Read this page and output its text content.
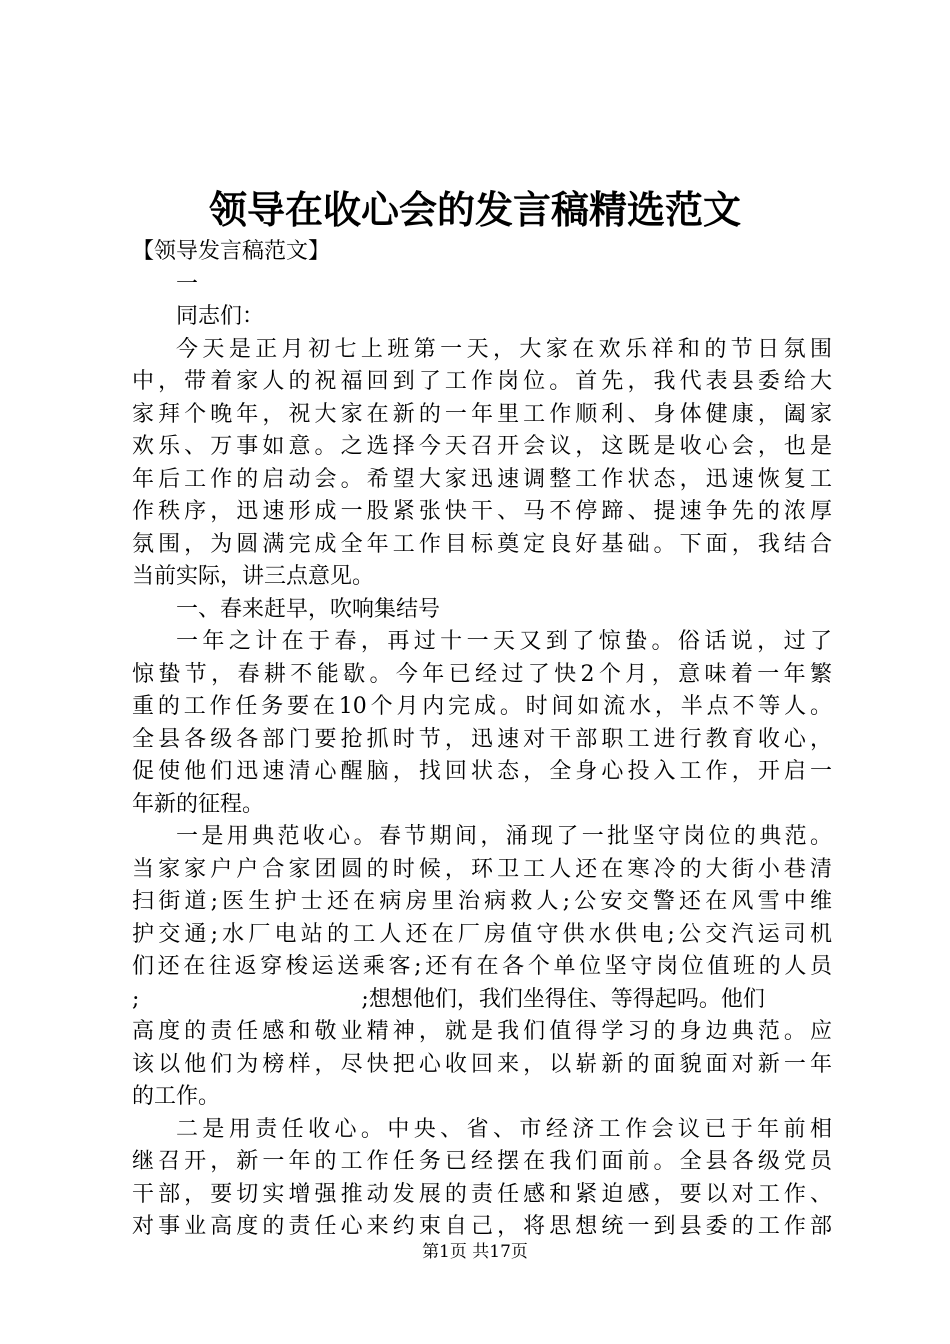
领导在收心会的发言稿精选范文
【领导发言稿范文】
一
同志们：
今天是正月初七上班第一天，大家在欢乐祥和的节日氛围
中，带着家人的祝福回到了工作岗位。首先，我代表县委给大
家拜个晚年，祝大家在新的一年里工作顺利、身体健康，阖家
欢乐、万事如意。之选择今天召开会议，这既是收心会，也是
年后工作的启动会。希望大家迅速调整工作状态，迅速恢复工
作秩序，迅速形成一股紧张快干、马不停蹄、提速争先的浓厚
氛围，为圆满完成全年工作目标奠定良好基础。下面，我结合
当前实际，讲三点意见。
一、春来赶早，吹响集结号
一年之计在于春，再过十一天又到了惊蛰。俗话说，过了
惊蛰节，春耕不能歇。今年已经过了快2个月，意味着一年繁
重的工作任务要在10个月内完成。时间如流水，半点不等人。
全县各级各部门要抢抓时节，迅速对干部职工进行教育收心，
促使他们迅速清心醒脑，找回状态，全身心投入工作，开启一
年新的征程。
一是用典范收心。春节期间，涌现了一批坚守岗位的典范。
当家家户户合家团圆的时候，环卫工人还在寒冷的大街小巷清
扫街道;医生护士还在病房里治病救人;公安交警还在风雪中维
护交通;水厂电站的工人还在厂房值守供水供电;公交汽运司机
们还在往返穿梭运送乘客;还有在各个单位坚守岗位值班的人员
;	;想想他们，我们坐得住、等得起吗。他们
高度的责任感和敬业精神，就是我们值得学习的身边典范。应
该以他们为榜样，尽快把心收回来，以崭新的面貌面对新一年
的工作。
二是用责任收心。中央、省、市经济工作会议已于年前相
继召开，新一年的工作任务已经摆在我们面前。全县各级党员
干部，要切实增强推动发展的责任感和紧迫感，要以对工作、
对事业高度的责任心来约束自己，将思想统一到县委的工作部
第1页 共17页
